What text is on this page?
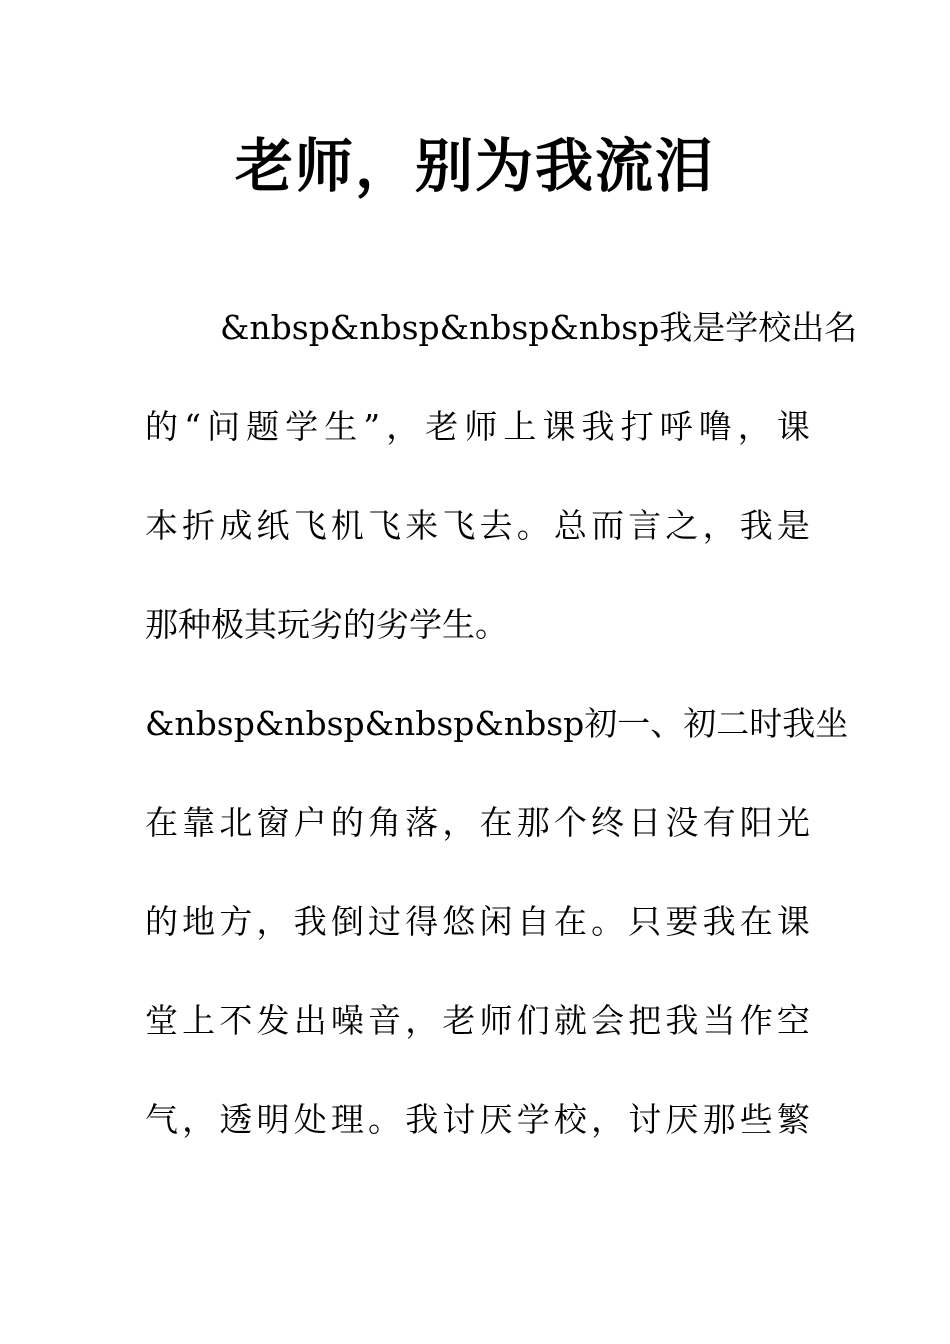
老师，别为我流泪
&nbsp&nbsp&nbsp&nbsp 我 是 学 校 出 名
的 “ 问 题 学 生 ” ， 老 师 上 课 我 打 呼 噜 ， 课
本 折 成 纸 飞 机 飞 来 飞 去 。 总 而 言 之 ， 我 是
那 种 极 其 玩 劣 的 劣 学 生 。
&nbsp&nbsp&nbsp&nbsp 初 一 、 初 二 时 我 坐
在 靠 北 窗 户 的 角 落 ， 在 那 个 终 日 没 有 阳 光
的 地 方 ， 我 倒 过 得 悠 闲 自 在 。 只 要 我 在 课
堂 上 不 发 出 噪 音 ， 老 师 们 就 会 把 我 当 作 空
气 ， 透 明 处 理 。 我 讨 厌 学 校 ， 讨 厌 那 些 繁
